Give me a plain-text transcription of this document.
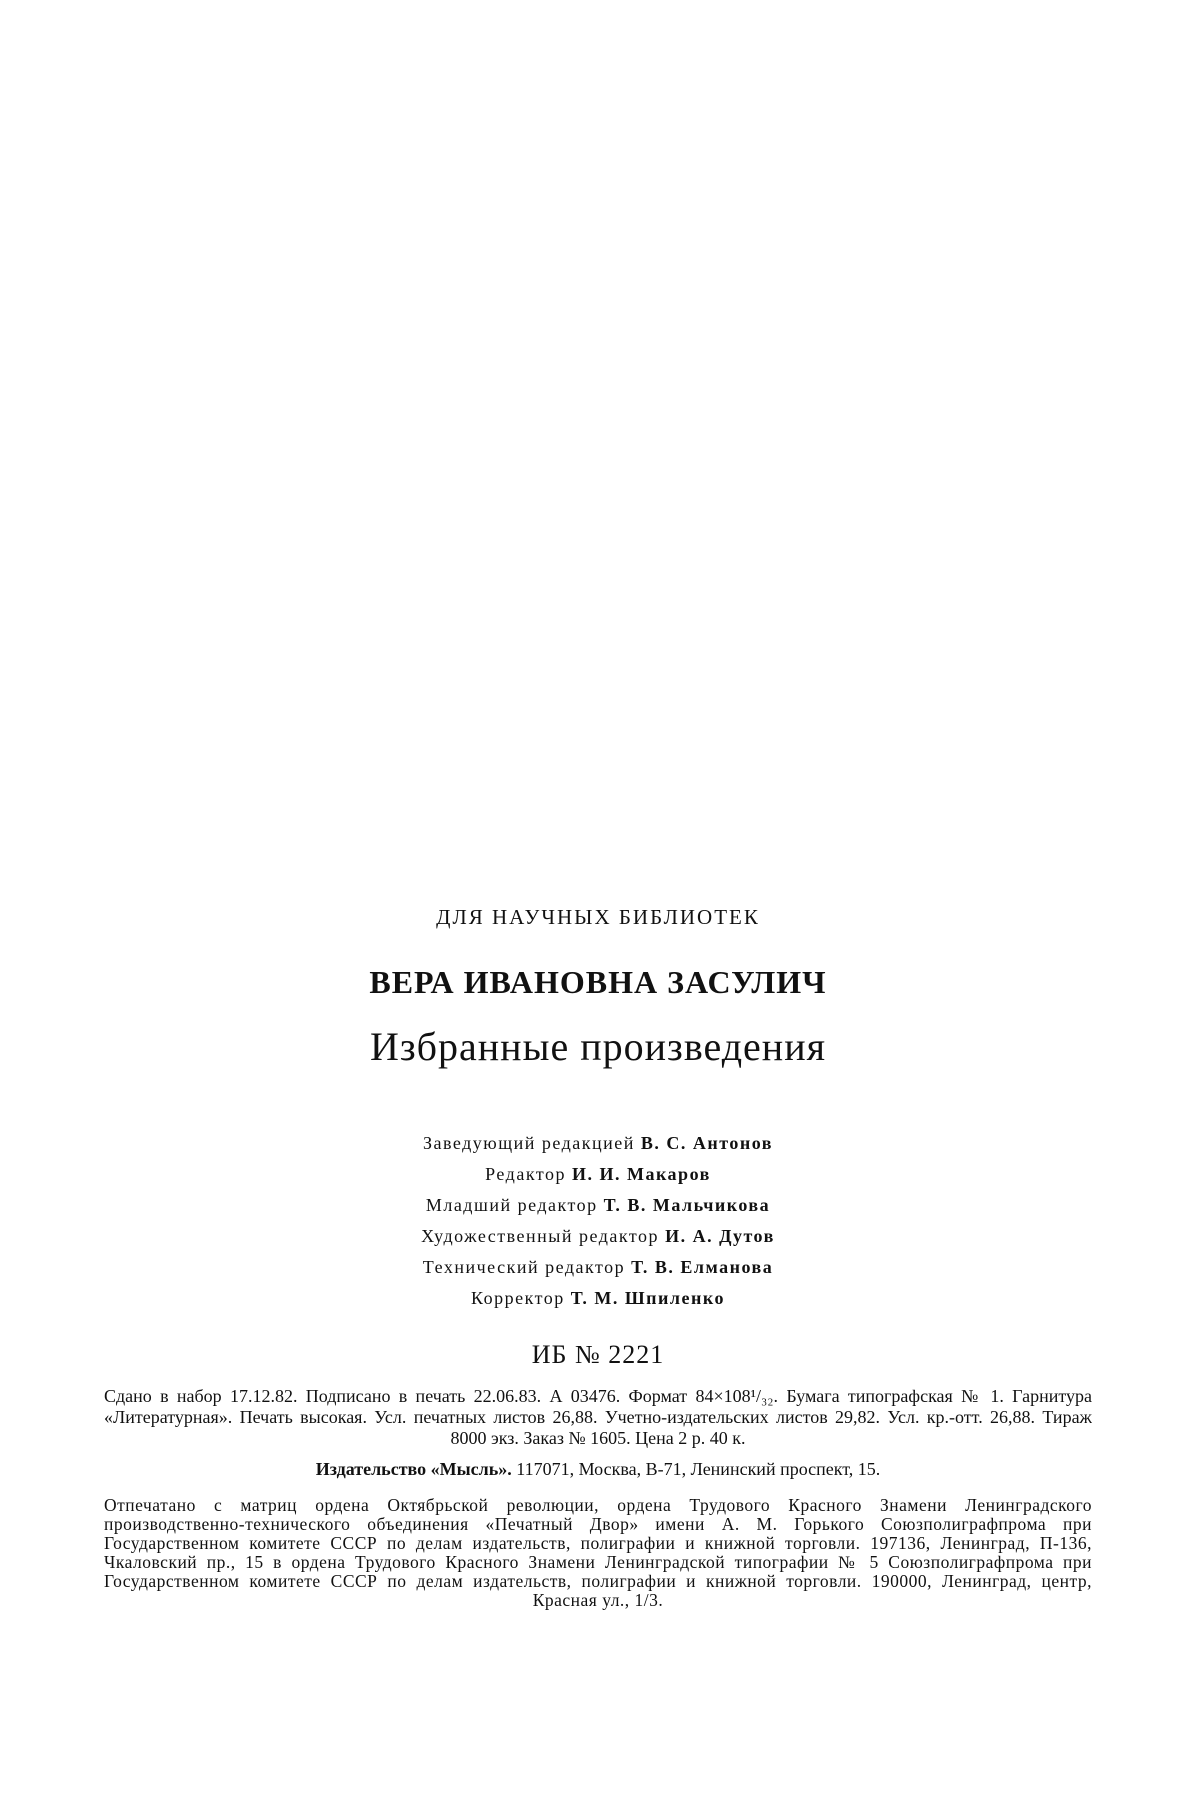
ДЛЯ НАУЧНЫХ БИБЛИОТЕК
ВЕРА ИВАНОВНА ЗАСУЛИЧ
Избранные произведения
Заведующий редакцией В. С. Антонов
Редактор И. И. Макаров
Младший редактор Т. В. Мальчикова
Художественный редактор И. А. Дутов
Технический редактор Т. В. Елманова
Корректор Т. М. Шпиленко
ИБ № 2221
Сдано в набор 17.12.82. Подписано в печать 22.06.83. А 03476. Формат 84×108¹/₃₂. Бумага типографская № 1. Гарнитура «Литературная». Печать высокая. Усл. печатных листов 26,88. Учетно-издательских листов 29,82. Усл. кр.-отт. 26,88. Тираж 8000 экз. Заказ № 1605. Цена 2 р. 40 к.
Издательство «Мысль». 117071, Москва, В-71, Ленинский проспект, 15.
Отпечатано с матриц ордена Октябрьской революции, ордена Трудового Красного Знамени Ленинградского производственно-технического объединения «Печатный Двор» имени А. М. Горького Союзполиграфпрома при Государственном комитете СССР по делам издательств, полиграфии и книжной торговли. 197136, Ленинград, П-136, Чкаловский пр., 15 в ордена Трудового Красного Знамени Ленинградской типографии № 5 Союзполиграфпрома при Государственном комитете СССР по делам издательств, полиграфии и книжной торговли. 190000, Ленинград, центр, Красная ул., 1/3.
